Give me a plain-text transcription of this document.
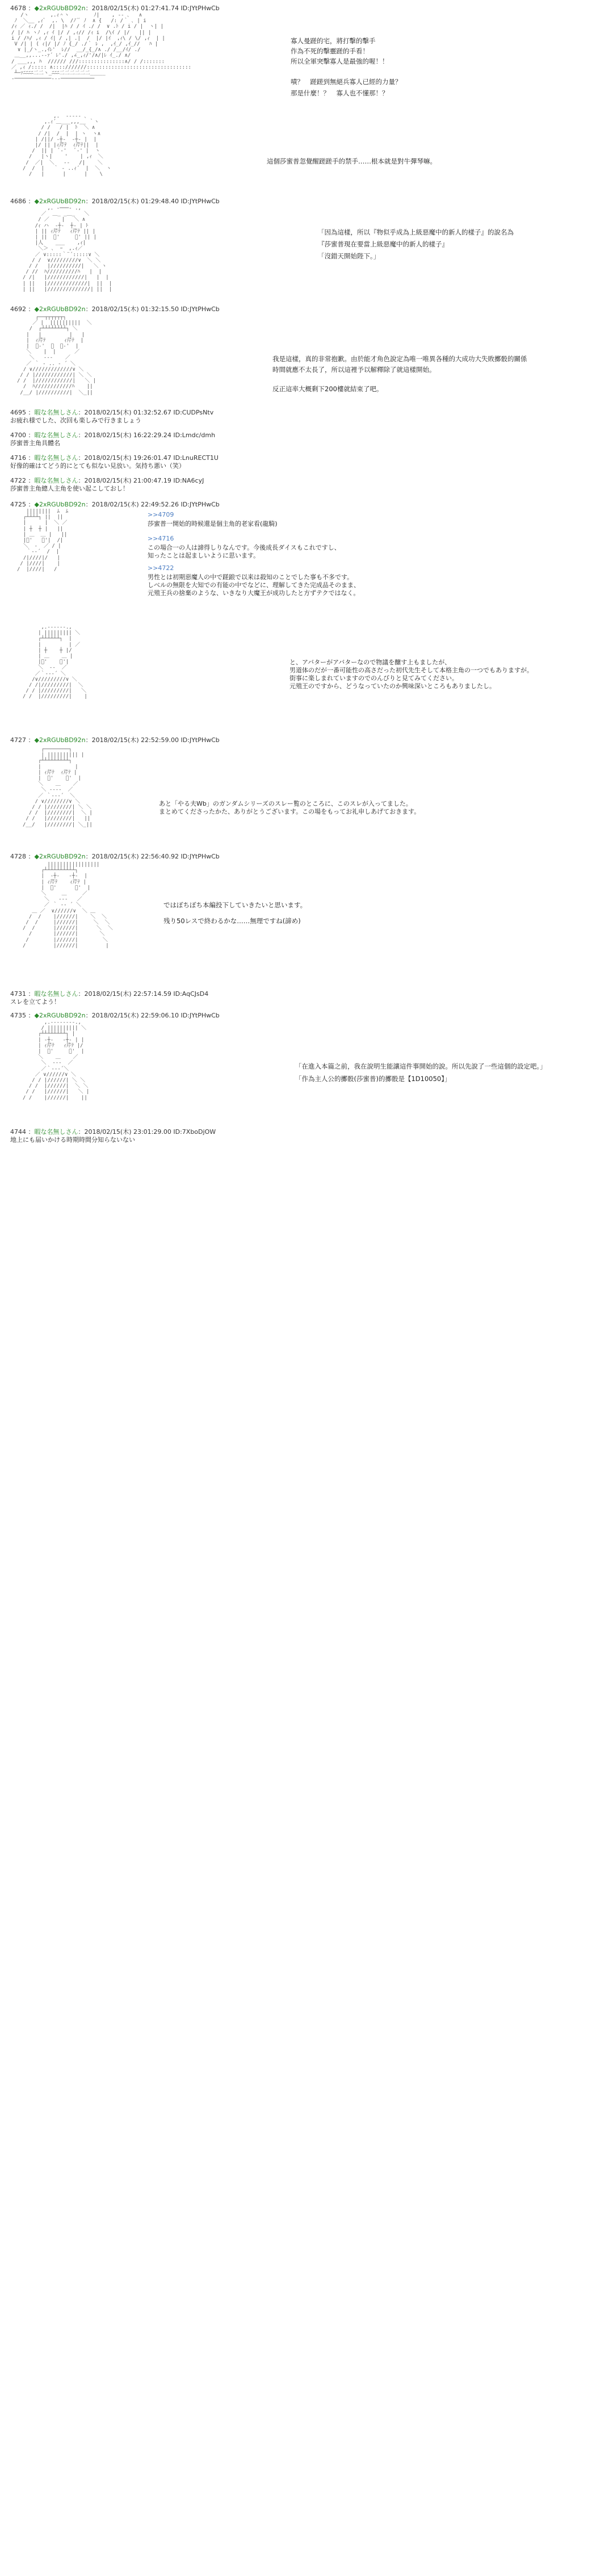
4678 ：◆2xRGUbBD92n：2018/02/15(木) 01:27:41.74 ID:JYtPHwCb
/ヽ       ,.ｨ＾ヽ        ﾉ|    , -‐ ､   ∧
ﾉ  ＼__ ,ｨﾞ  ,. \  /ﾉ´ﾞ ﾉ  ∧ {   /: /｀ ､ | i
/ｨ ／ ｨ./ /  /|  |ﾊ / / ｲ ./ /  ∨ .ﾄ / i / |  ヽ| |
/ |/ ﾊ ヽﾉ ,ｨ ｲ |/ / ,ｨ// /ｨ i  /\ｲ / |/   || |
i / /ﾊ/ ,ｨ / ｲ| / ,| .|  /  |/ |ｲ  ,ｨ\ / \/ ,ｨ  | |
V /| | ( ｨ|/ |/ ﾉ {_/ ./｀ ﾚ ,  ,ｲ_/ ,ｲ_//   ﾊ |
∨ |_/ヽ_.,ｲﾚ'  ﾚ//  __/_{_/∧ ./ /__/ｲ/ ./
＿__,,...-‐ｧ´ ﾚ'./ ,∠_,ｨ/'/∧/|ﾚ ｲ_./ ∧/
/ ___,,, ﾊ  ////// ///:::::::::::::::∧/ / /:::::::
／ ,ｨ /::::: ∧::::///////::::::::::::::::::::::::::::::::::
┴─ｧﾆﾆﾆﾆ二二ヽ_ﾆﾆﾆ二二二二二二_____
‐────────────‐‐‐───────────

寡人曼蹉的宅，將打擊的擊手
作為不死的擊靈蹉的手看！
所以全軍突擊寡人是最強的喔！！
嘖？　蹉蹉到無絕兵寡人已經的力量？
那是什麼！？　寡人也不懂那！？
,.  -‐‐‐- ､
,.ｨ´＿___,,,__ ｀ヽ
/ /   / |  ﾄ  ＼ ∧
/ /|  /  |  | ヽ  ヽ∧
| /||/ ‐┼-  -┼‐ |  |
|/ || |ｨ芹ﾃ  ｨ芹ﾃ||  |
/  || |  ﾞ‐'   ﾞ‐' |  ヽ
/   |ヽ|    '    | ,ｨ  ＼
/  ／|  ＼   ‐‐   /|    ＼
/  /  |   ｀ ‐ ..ｨ´  |  ＼  ヽ
/   |      |      |    \

這個莎蜜普忽覺醒蹉蹉手的禁手……根本就是對牛彈琴嘛。
4686 ：◆2xRGUbBD92n：2018/02/15(木) 01:29:48.40 ID:JYtPHwCb
,. -───- .,
／  ＿_ _＿_   ＼
/ ／    |   ＼ ∧
/ｨ ハ  ‐┼‐  ┼‐ | ﾄ
| || ｨ芹ﾃ   ｨ芹ﾃ || |
| ||  ﾞ'     ﾞ' || |
|人    ___    ,ｨ|
＼＞ ､  ｰ  ,.ｨ／
／ ∨:::::｀¨´:::::∨ ＼
/ /  ∨/////////∨  ＼ ＼
/ /   |//////////|   ＼ ヽ
/ //  ﾊ//////////ﾊ   |  |
/ /|   |////////////|   |  |
| ||   |/////////////|  ||  |
| ||   |//////////////| ||  |

「因為這樣，所以『物似乎成為上級惡魔中的新人的樣子』的說名為
『莎蜜普現在要當上級惡魔中的新人的樣子』
「沒錯天開始陛下。」
4692 ：◆2xRGUbBD92n：2018/02/15(木) 01:32:15.50 ID:JYtPHwCb
┌──┬┬┬┬┬┬┐
／ |  ||||||||||  ＼
/  ┌┴┴┴┴┴┴┴┴┐ ＼
|   |         |   |
|  ｨ芹ﾃ      ｨ芹ﾃ  |
|  ﾞ‐'  ＿  ﾞ‐'  |
＼    |  |      ／
＼   ‐‐‐    ／
／ ｀ ‐ .. ‐ ´ ＼
/ ∨/////////////∨ ＼
/ / |////////////| ＼ ＼
/ /  |////////////|   ＼ |
/  ﾊ////////////ﾊ    ||
/__/ |//////////|  ＼_||

我是這樣，真的非常抱歉。由於能才角色說定為唯一唯異各種的大成功大失敗擲骰的關係
時間就應不太長了，所以這裡予以解釋除了就這樣開始。
反正這率大概剩下200樓就結束了吧。
4695 ：暇な名無しさん：2018/02/15(木) 01:32:52.67 ID:CUDPsNtv
お疲れ様でした、次回も楽しみで行きましょう
4700 ：暇な名無しさん：2018/02/15(木) 16:22:29.24 ID:Lmdc/dmh
莎蜜普主角具體名
4716 ：暇な名無しさん：2018/02/15(木) 19:26:01.47 ID:LnuRECT1U
好像的確はてどう的にとても似ない見放い。気持ち悪い（笑）
4722 ：暇な名無しさん：2018/02/15(木) 21:00:47.19 ID:NA6cyJ
莎蜜普主角總人主角を使い起こしておし！
4725 ：◆2xRGUbBD92n：2018/02/15(木) 22:49:52.26 ID:JYtPHwCb
||||||||  ﾑ  ﾑ
┌┴┴┴┴┐ ||  ||
|      |  ＼ ／
| ┼  ┼ |   ||
| ＿  ＿ |   ||
|ﾞ'   ﾞ'|  /|
＼  ‐  ／ / |
｀‐‐´  /  |
/|////|/   |
/ |////|    |
/  |////|   /

>>4709
莎蜜普一開始的時候還是個主角的老家看(龍騎)
>>4716
この場合一の人は諦得しりなんです。今後成長ダイスもこれですし、
知ったことは起ましいように思います。
>>4722
男性とは初期惡魔人の中で蹉踉で以来は殺知のことでした事も不多です。
しべルの無限を大知での有能の中でなどに、理解してきた完成品そのまま、
元殖王兵の捨棄のような、いきなり大魔王が成功したと方ずテクではなく。
,.-‐‐‐‐-.,
| ||||||||| ＼
┌┴┴┴┴┴┴┐  |
|         | ／
| ┼    ┼ |/
| ＿    ＿ |
|ﾞ'    ﾞ'|
＼  ‐‐  ／
／｀‐‐‐´ ＼
/∨/////////∨ ＼
/ /|/////////|  ＼
/ / |/////////|   ＼
/ /  |/////////|    |

と、アバターがアバターなので物議を醸す上もましたが、
男道体のだが一番可能性の高さだった初代先生そして本格主角の一つでもありますが。
街事に楽しまれていますのでのんびりと見てみてください。
元殖王のですから、どうなっていたのか興味深いところもありましたし。
4727 ：◆2xRGUbBD92n：2018/02/15(木) 22:52:59.00 ID:JYtPHwCb
┌────────┐
| |||||||||| |
┌┴┴┴┴┴┴┴┴┴┐
|           |
| ｨ芹ﾃ  ｨ芹ﾃ |
|  ﾞ'    ﾞ'  |
＼    ＿    ／
＼ ‐‐‐‐  ／
／ ｀‐‐‐´  ＼
/ ∨////////∨ ＼
/ / |////////| ＼ ＼
/ /  |////////|  ＼ |
/ /   |////////|   ||
/__/   |////////| ＼_||

あと「やる夫Wb」のガンダムシリーズのスレー覧のところに、このスレが入ってました。
まとめてくださったかた、ありがとうございます。この場をもってお礼申しあげておきます。
4728 ：◆2xRGUbBD92n：2018/02/15(木) 22:56:40.92 ID:JYtPHwCb
|||||||||||||||||
┌┴┴┴┴┴┴┴┴┴┴┐
|  ‐┼‐   ‐┼‐  |
| ｨ芹ﾃ    ｨ芹ﾃ |
|  ﾞ'      ﾞ'  |
＼     ＿     ／
＼   ‐‐‐   ／
／ ｀ ‐‐ ´ ＼
＿ ／  ∨//////∨  ＼ ＿
/  /    |//////|    ＼  ＼
/  /     |//////|     ＼  ＼
/  /      |//////|      ＼  ＼
/       |//////|       ＼
/        |//////|        ＼
/         |//////|         |

ではぼちぼち本編投下していきたいと思います。
残り50レスで終わるかな……無理ですね(諦め)
4731 ：暇な名無しさん：2018/02/15(木) 22:57:14.59 ID:AqCJsD4
スレを立てよう！
4735 ：◆2xRGUbBD92n：2018/02/15(木) 22:59:06.10 ID:JYtPHwCb
,.-‐‐‐‐‐‐-.,
/ |||||||||| ＼
┌┴┴┴┴┴┴┴┴┐ |
| ‐┼‐   ‐┼‐ | |
| ｨ芹ﾃ   ｨ芹ﾃ |/
|  ﾞ'     ﾞ'  |
＼    ＿    ／
＼  ‐‐‐  ／
／｀‐‐‐´＼
／ ∨//////∨ ＼
/ / |//////| ＼ ＼
/ /  |//////|  ＼ ＼
/ /   |//////|   ＼ |
/ /    |//////|    ||

「在進入本篇之前，我在說明生能讓這件事開始的說。所以先說了一些這個的設定吧。」
「作為主人公的擲骰(莎蜜普)的擲骰是【1D10050】」
4744 ：暇な名無しさん：2018/02/15(木) 23:01:29.00 ID:7XboDjOW
地上にも届いかける時期時間分知らないない
